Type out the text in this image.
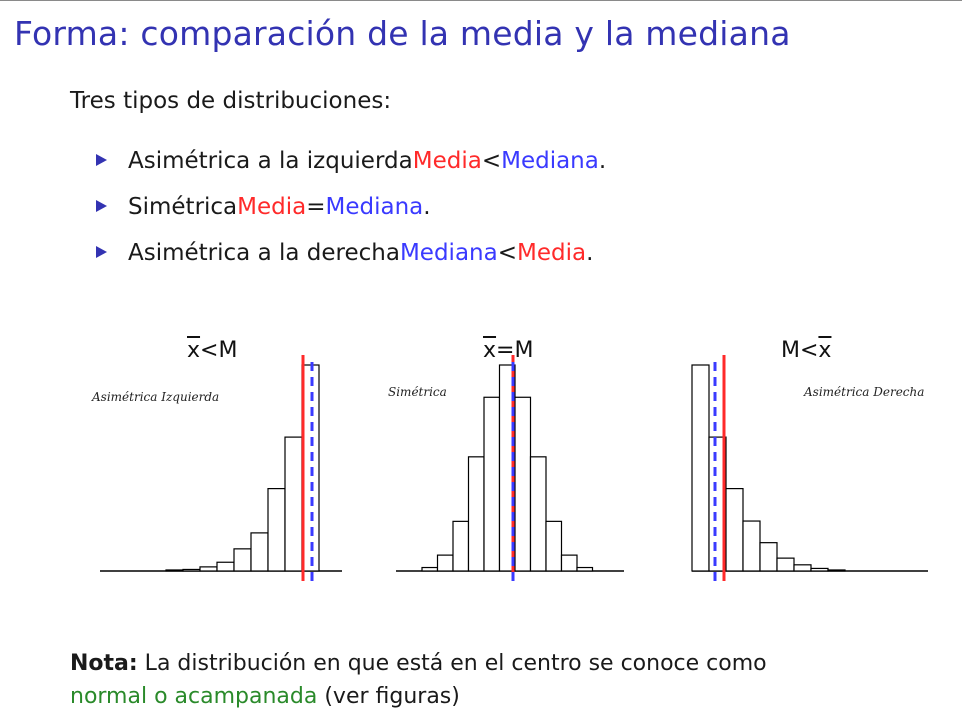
Forma: comparación de la media y la mediana
Tres tipos de distribuciones:
Asimétrica a la izquierda Media < Mediana .
Simétrica Media = Mediana .
Asimétrica a la derecha Mediana < Media .
$\overline{x}<M$
Asimétrica Izquierda
$\overline{x}=M$
Simétrica
$M<\overline{x}$
Asimétrica Derecha
Nota: La distribución en que está en el centro se conoce como
normal o acampanada (ver figuras)
